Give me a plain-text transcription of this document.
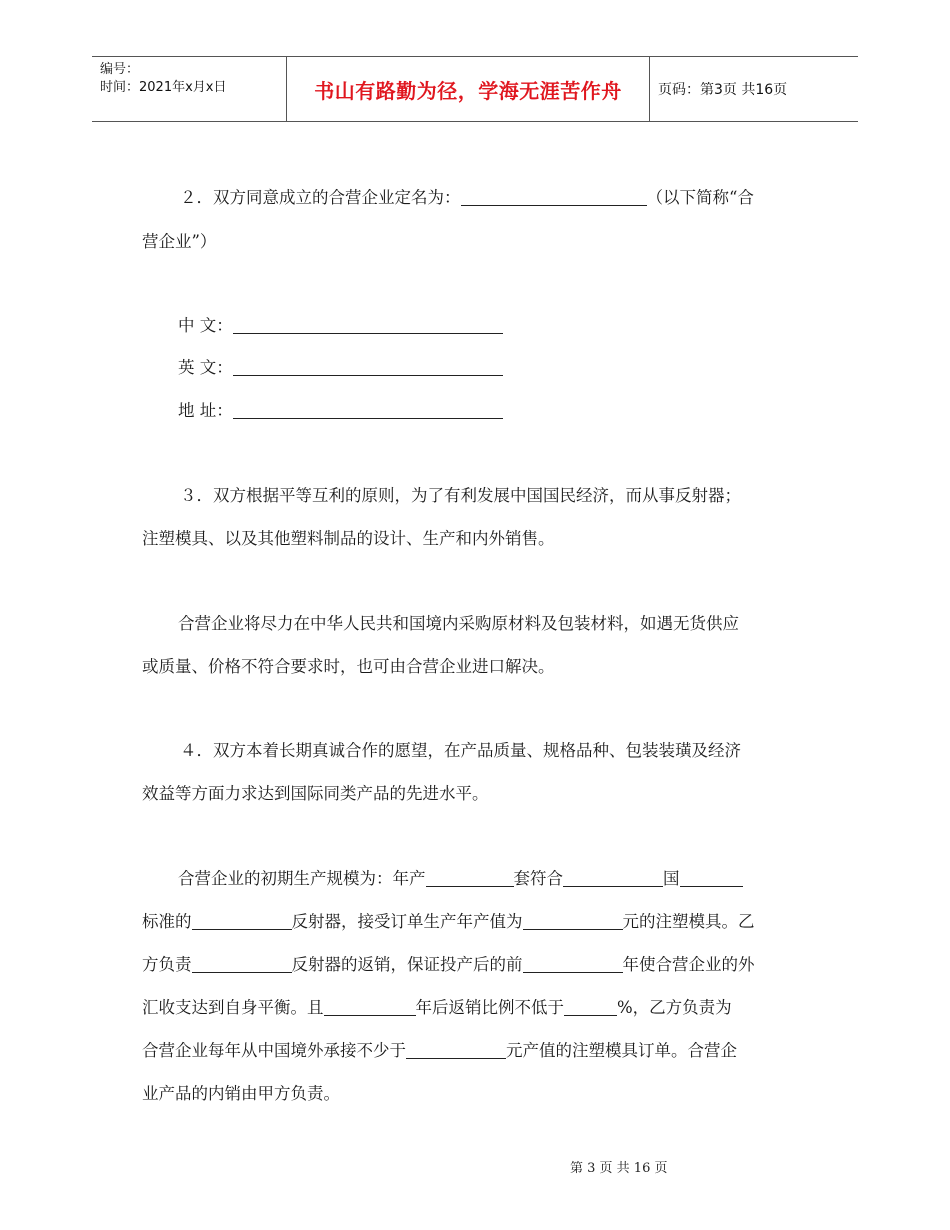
编号：
时间：2021年x月x日	书山有路勤为径，学海无涯苦作舟	页码：第3页 共16页
２．双方同意成立的合营企业定名为：	（以下简称“合
营企业”）
中 文：
英 文：
地 址：
３．双方根据平等互利的原则，为了有利发展中国国民经济，而从事反射器；
注塑模具、以及其他塑料制品的设计、生产和内外销售。
合营企业将尽力在中华人民共和国境内采购原材料及包装材料，如遇无货供应
或质量、价格不符合要求时，也可由合营企业进口解决。
４．双方本着长期真诚合作的愿望，在产品质量、规格品种、包装装璜及经济
效益等方面力求达到国际同类产品的先进水平。
合营企业的初期生产规模为：年产	套符合	国
标准的	反射器，接受订单生产年产值为	元的注塑模具。乙
方负责	反射器的返销，保证投产后的前	年使合营企业的外
汇收支达到自身平衡。且	年后返销比例不低于	%，乙方负责为
合营企业每年从中国境外承接不少于	元产值的注塑模具订单。合营企
业产品的内销由甲方负责。
第 3 页 共 16 页
